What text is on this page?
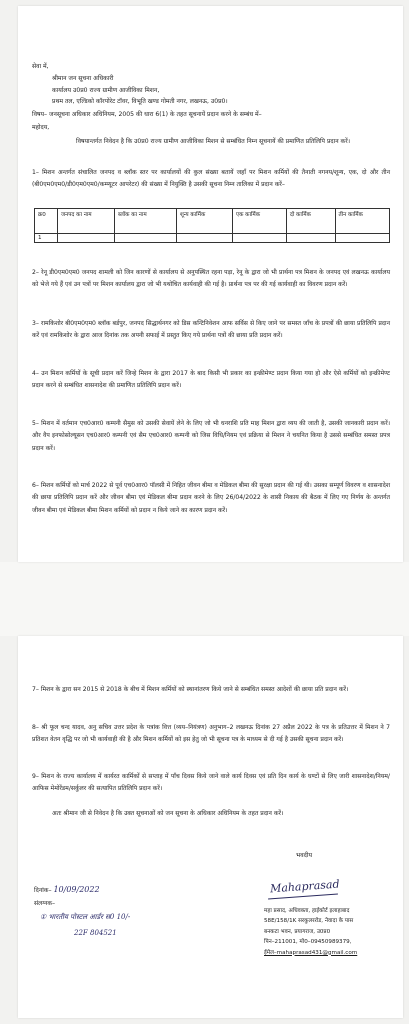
सेवा में,
श्रीमान जन सूचना अधिकारी
कार्यालय उ0प्र0 राज्य ग्रामीण आजीविका मिशन,
प्रथम तल, एल्डिको कॉरपोरेट टॉवर, विभूति खण्ड गोमती नगर, लखनऊ, उ0प्र0।
विषय– जनसूचना अधिकार अधिनियम, 2005 की धारा 6(1) के तहत सूचनायें प्रदान करने के सम्बंध में–
महोदय,
विषयान्तर्गत निवेदन है कि उ0प्र0 राज्य ग्रामीण आजीविका मिशन से सम्बंधित निम्न सूचनायें की प्रमाणित प्रतिलिपि प्रदान करें।
1– मिशन अन्तर्गत संचालित जनपद व ब्लॉक स्तर पर कार्यालयों की कुल संख्या बतायें जहाँ पर मिशन कर्मियों की तैनाती नगनय/शून्य, एक, दो और तीन (बी0एम0एम0/डी0एम0एम0/कम्प्यूटर आपरेटर) की संख्या में नियुक्ति है उसकी सूचना निम्न तालिका में प्रदान करें–
क्र0	जनपद का नाम	ब्लॉक का नाम	शून्य कार्मिक	एक कार्मिक	दो कार्मिक	तीन कार्मिक
1						
2– रेनू डी0एम0एम0 जनपद शामली को जिन कारणों से कार्यालय से अनुपस्थित रहना पड़ा, रेनू के द्वारा जो भी प्रार्थना पत्र मिशन के जनपद एवं लखनऊ कार्यालय को भेजे गये हैं एवं उन पत्रों पर मिशन कार्यालय द्वारा जो भी यथोचित कार्यवाही की गई है। प्रार्थना पत्र पर की गई कार्यवाही का विवरण प्रदान करें।
3– रामकिशोर बी0एम0एम0 ब्लॉक बर्डपुर, जनपद सिद्धार्थनगर को डिस कन्टिनिवेशन आफ सर्विस से किए जाने पर समस्त जाँच के प्रपत्रों की छाया प्रतिलिपि प्रदान करें एवं रामकिशोर के द्वारा आज दिनांक तक अपनी सफाई में प्रस्तुत किए गये प्रार्थना पत्रों की छाया प्रति प्रदान करें।
4– उन मिशन कर्मियों के सूची प्रदान करें जिन्हे मिशन के द्वारा 2017 के बाद किसी भी प्रकार का इन्क्रीमेण्ट प्रदान किया गया हो और ऐसे कर्मियों को इन्क्रीमेण्ट प्रदान करने से सम्बंधित शासनादेश की प्रमाणित प्रतिलिपि प्रदान करें।
5– मिशन में वर्तमान एच0आर0 कम्पनी सैमुस को उसकी सेवायें लेने के लिए जो भी धनराशि प्रति माह मिशन द्वारा व्यय की जाती है, उसकी जानकारी प्रदान करें। और वैप इनफोसोल्यूसन एच0आर0 कम्पनी एवं सैम एच0आर0 कम्पनी को जिस विधि/नियम एवं प्रक्रिया से मिशन ने चयनित किया है उससे सम्बंधित समस्त प्रपत्र प्रदान करें।
6– मिशन कर्मियों को मार्च 2022 से पूर्व एच0आर0 पॉलसी में निहित जीवन बीमा व मेडिकल बीमा की सुरक्षा प्रदान की गई थी। उसका सम्पूर्ण विवरण व शासनादेश की छाया प्रतिलिपि प्रदान करें और जीवन बीमा एवं मेडिकल बीमा प्रदान करने के लिए 26/04/2022 के शासी निकाय की बैठक में लिए गए निर्णय के अन्तर्गत जीवन बीमा एवं मेडिकल बीमा मिशन कर्मियों को प्रदान न किये जाने का कारण प्रदान करें।
7– मिशन के द्वारा सन 2015 से 2018 के बीच में मिशन कर्मियों को स्थानांतरण किये जाने से सम्बंधित समस्त आदेशों की छाया प्रति प्रदान करें।
8– श्री फूल चन्द यादव, अनु सचिव उत्तर प्रदेश के पत्रांक वित्त (व्यय–नियंत्रण) अनुभाग–2 लखनऊ दिनांक 27 अप्रैल 2022 के पत्र के प्रतिउत्तर में मिशन ने 7 प्रतिशत वेतन वृद्धि पर जो भी कार्यवाही की है और मिशन कर्मियों को इस हेतु जो भी सूचना पत्र के माध्यम से दी गई है उसकी सूचना प्रदान करें।
9– मिशन के राज्य कार्यालय में कार्यरत कार्मिकों से सप्ताह में पाँच दिवस किये जाने वाले कार्य दिवस एवं प्रति दिन कार्य के घण्टों से लिए जारी शासनादेश/नियम/आफिस मेमोरेंडम/सर्कुलर की सत्यापित प्रतिलिपि प्रदान करें।
अतः श्रीमान जी से निवेदन है कि उक्त सूचनाओं को जन सूचना के अधिकार अधिनियम के तहत प्रदान करें।
भवदीय
दिनांक– 10/09/2022
संलग्नक–
① भारतीय पोस्टल आर्डर स0 10/-
22F 804521
Mahaprasad
महा प्रसाद, अधिवक्ता, हाईकोर्ट इलाहाबाद
58E/158/1K सरकुलररोड, नेवादा के पास
बनकटा भवन, प्रयागराज, उ0प्र0
पिन–211001, मो0–09450989379,
ईमेल–mahaprasad431@gmail.com
